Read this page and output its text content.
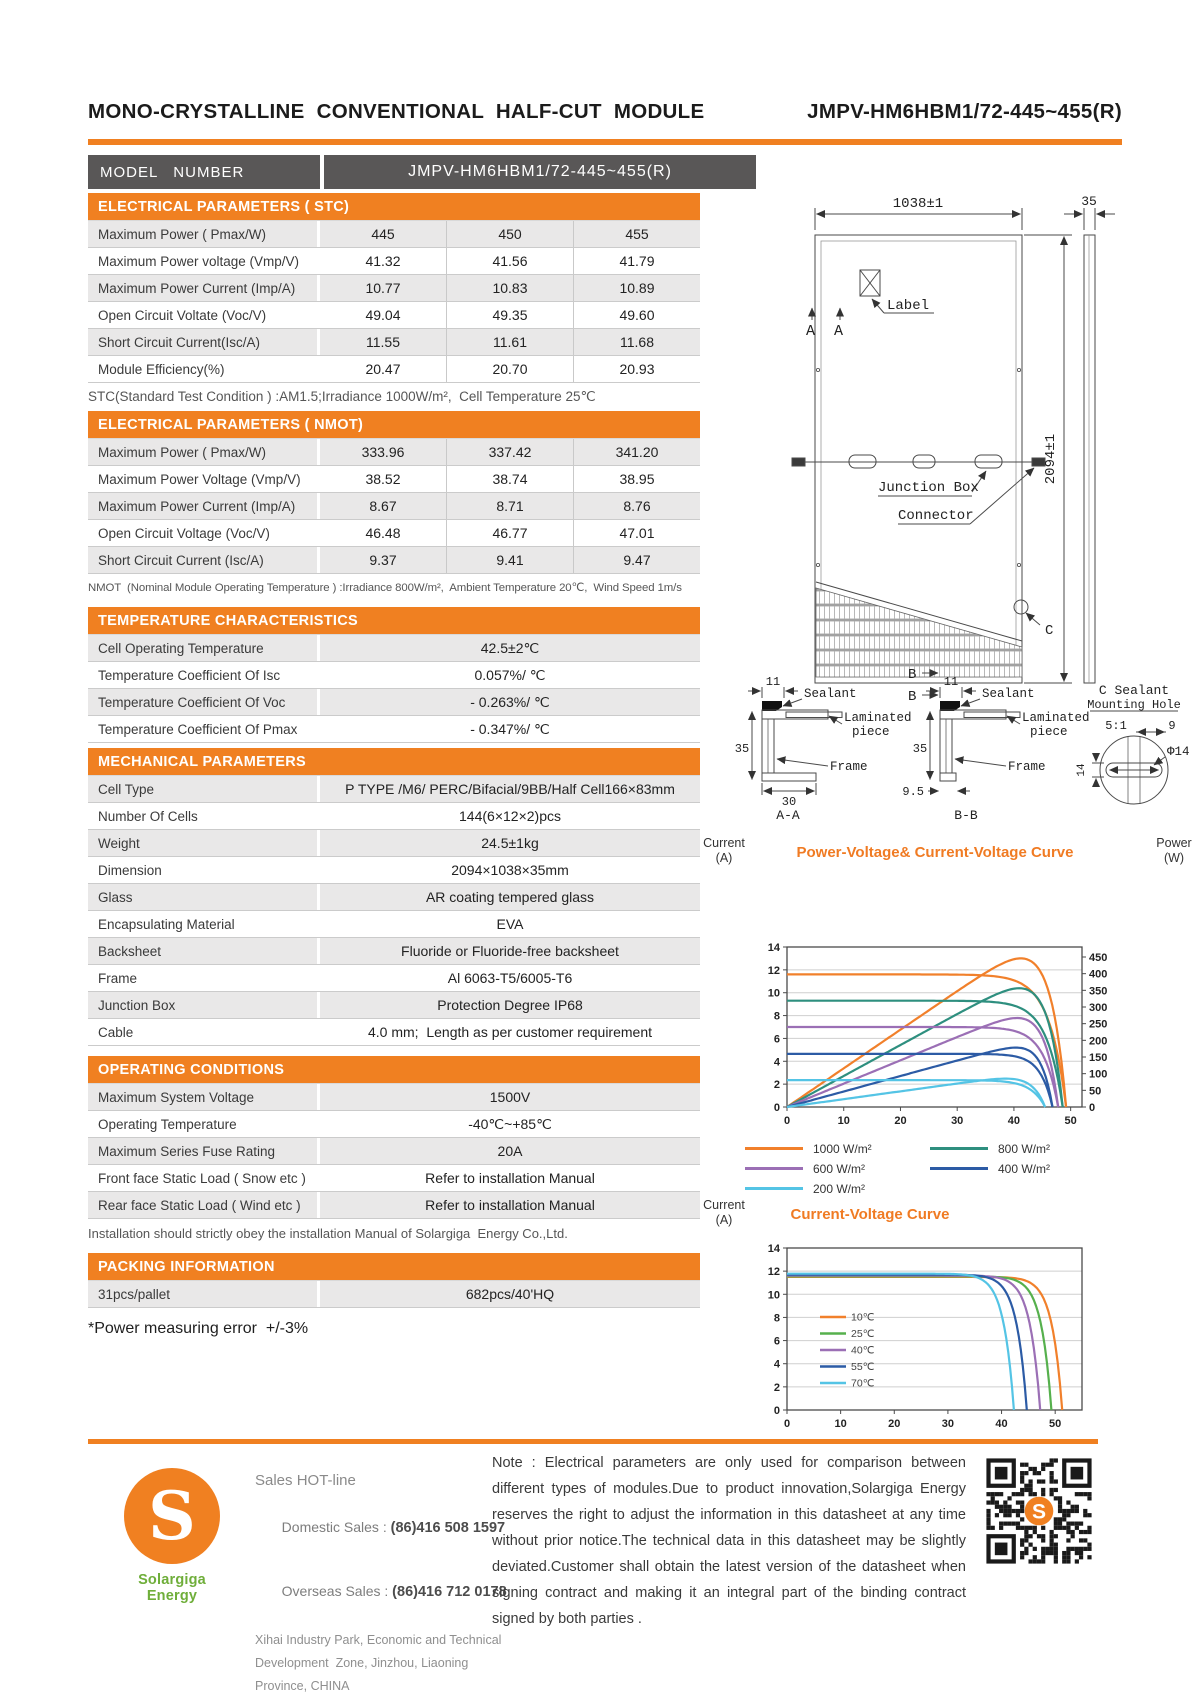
MONO-CRYSTALLINE  CONVENTIONAL  HALF-CUT  MODULE	JMPV-HM6HBM1/72-445~455(R)
MODEL   NUMBER	JMPV-HM6HBM1/72-445~455(R)
ELECTRICAL PARAMETERS ( STC)
Maximum Power ( Pmax/W)	445	450	455
Maximum Power voltage (Vmp/V)	41.32	41.56	41.79
Maximum Power Current (Imp/A)	10.77	10.83	10.89
Open Circuit Voltate (Voc/V)	49.04	49.35	49.60
Short Circuit Current(Isc/A)	11.55	11.61	11.68
Module Efficiency(%)	20.47	20.70	20.93
STC(Standard Test Condition ) :AM1.5;Irradiance 1000W/m²,  Cell Temperature 25℃
ELECTRICAL PARAMETERS ( NMOT)
Maximum Power ( Pmax/W)	333.96	337.42	341.20
Maximum Power Voltage (Vmp/V)	38.52	38.74	38.95
Maximum Power Current (Imp/A)	8.67	8.71	8.76
Open Circuit Voltage (Voc/V)	46.48	46.77	47.01
Short Circuit Current (Isc/A)	9.37	9.41	9.47
NMOT  (Nominal Module Operating Temperature ) :Irradiance 800W/m²,  Ambient Temperature 20℃,  Wind Speed 1m/s
TEMPERATURE CHARACTERISTICS
Cell Operating Temperature	42.5±2℃
Temperature Coefficient Of Isc	0.057%/ ℃
Temperature Coefficient Of Voc	- 0.263%/ ℃
Temperature Coefficient Of Pmax	- 0.347%/ ℃
MECHANICAL PARAMETERS
Cell Type	P TYPE /M6/ PERC/Bifacial/9BB/Half Cell166×83mm
Number Of Cells	144(6×12×2)pcs
Weight	24.5±1kg
Dimension	2094×1038×35mm
Glass	AR coating tempered glass
Encapsulating Material	EVA
Backsheet	Fluoride or Fluoride-free backsheet
Frame	Al 6063-T5/6005-T6
Junction Box	Protection Degree IP68
Cable	4.0 mm;  Length as per customer requirement
OPERATING CONDITIONS
Maximum System Voltage	1500V
Operating Temperature	-40℃~+85℃
Maximum Series Fuse Rating	20A
Front face Static Load ( Snow etc )	Refer to installation Manual
Rear face Static Load ( Wind etc )	Refer to installation Manual
Installation should strictly obey the installation Manual of Solargiga  Energy Co.,Ltd.
PACKING INFORMATION
31pcs/pallet	682pcs/40'HQ
*Power measuring error  +/-3%
1038±1	35
2094±1
Label
A A
Junction Box
Connector
C
B
B
11
Sealant
Laminated
piece
35
Frame
30
A-A
11
Sealant
Laminated
piece
35
Frame
9.5
B-B
C Sealant
Mounting Hole
5:1	9
14
Φ14
Current
(A)	Power-Voltage& Current-Voltage Curve
Power
(W)
0
2
4
6
8
10
12
14
0
50
100
150
200
250
300
350
400
450
0	10	20	30	40	50
1000 W/m²	800 W/m²
600 W/m²	400 W/m²
200 W/m²
Current
(A)	Current-Voltage Curve
0
2
4
6
8
10
12
14
0	10	20	30	40	50
10℃
25℃
40℃
55℃
70℃
S
Solargiga Energy
Sales HOT-line

Domestic Sales : (86)416 508 1597

Overseas Sales : (86)416 712 0178

Xihai Industry Park, Economic and Technical
Development  Zone, Jinzhou, Liaoning
Province, CHINA
Note : Electrical parameters are only used for comparison between different types of modules.Due to product innovation,Solargiga Energy reserves the right to adjust the information in this datasheet at any time without prior notice.The technical data in this datasheet may be slightly deviated.Customer shall obtain the latest version of the datasheet when signing contract and making it an integral part of the binding contract signed by both parties .
S
